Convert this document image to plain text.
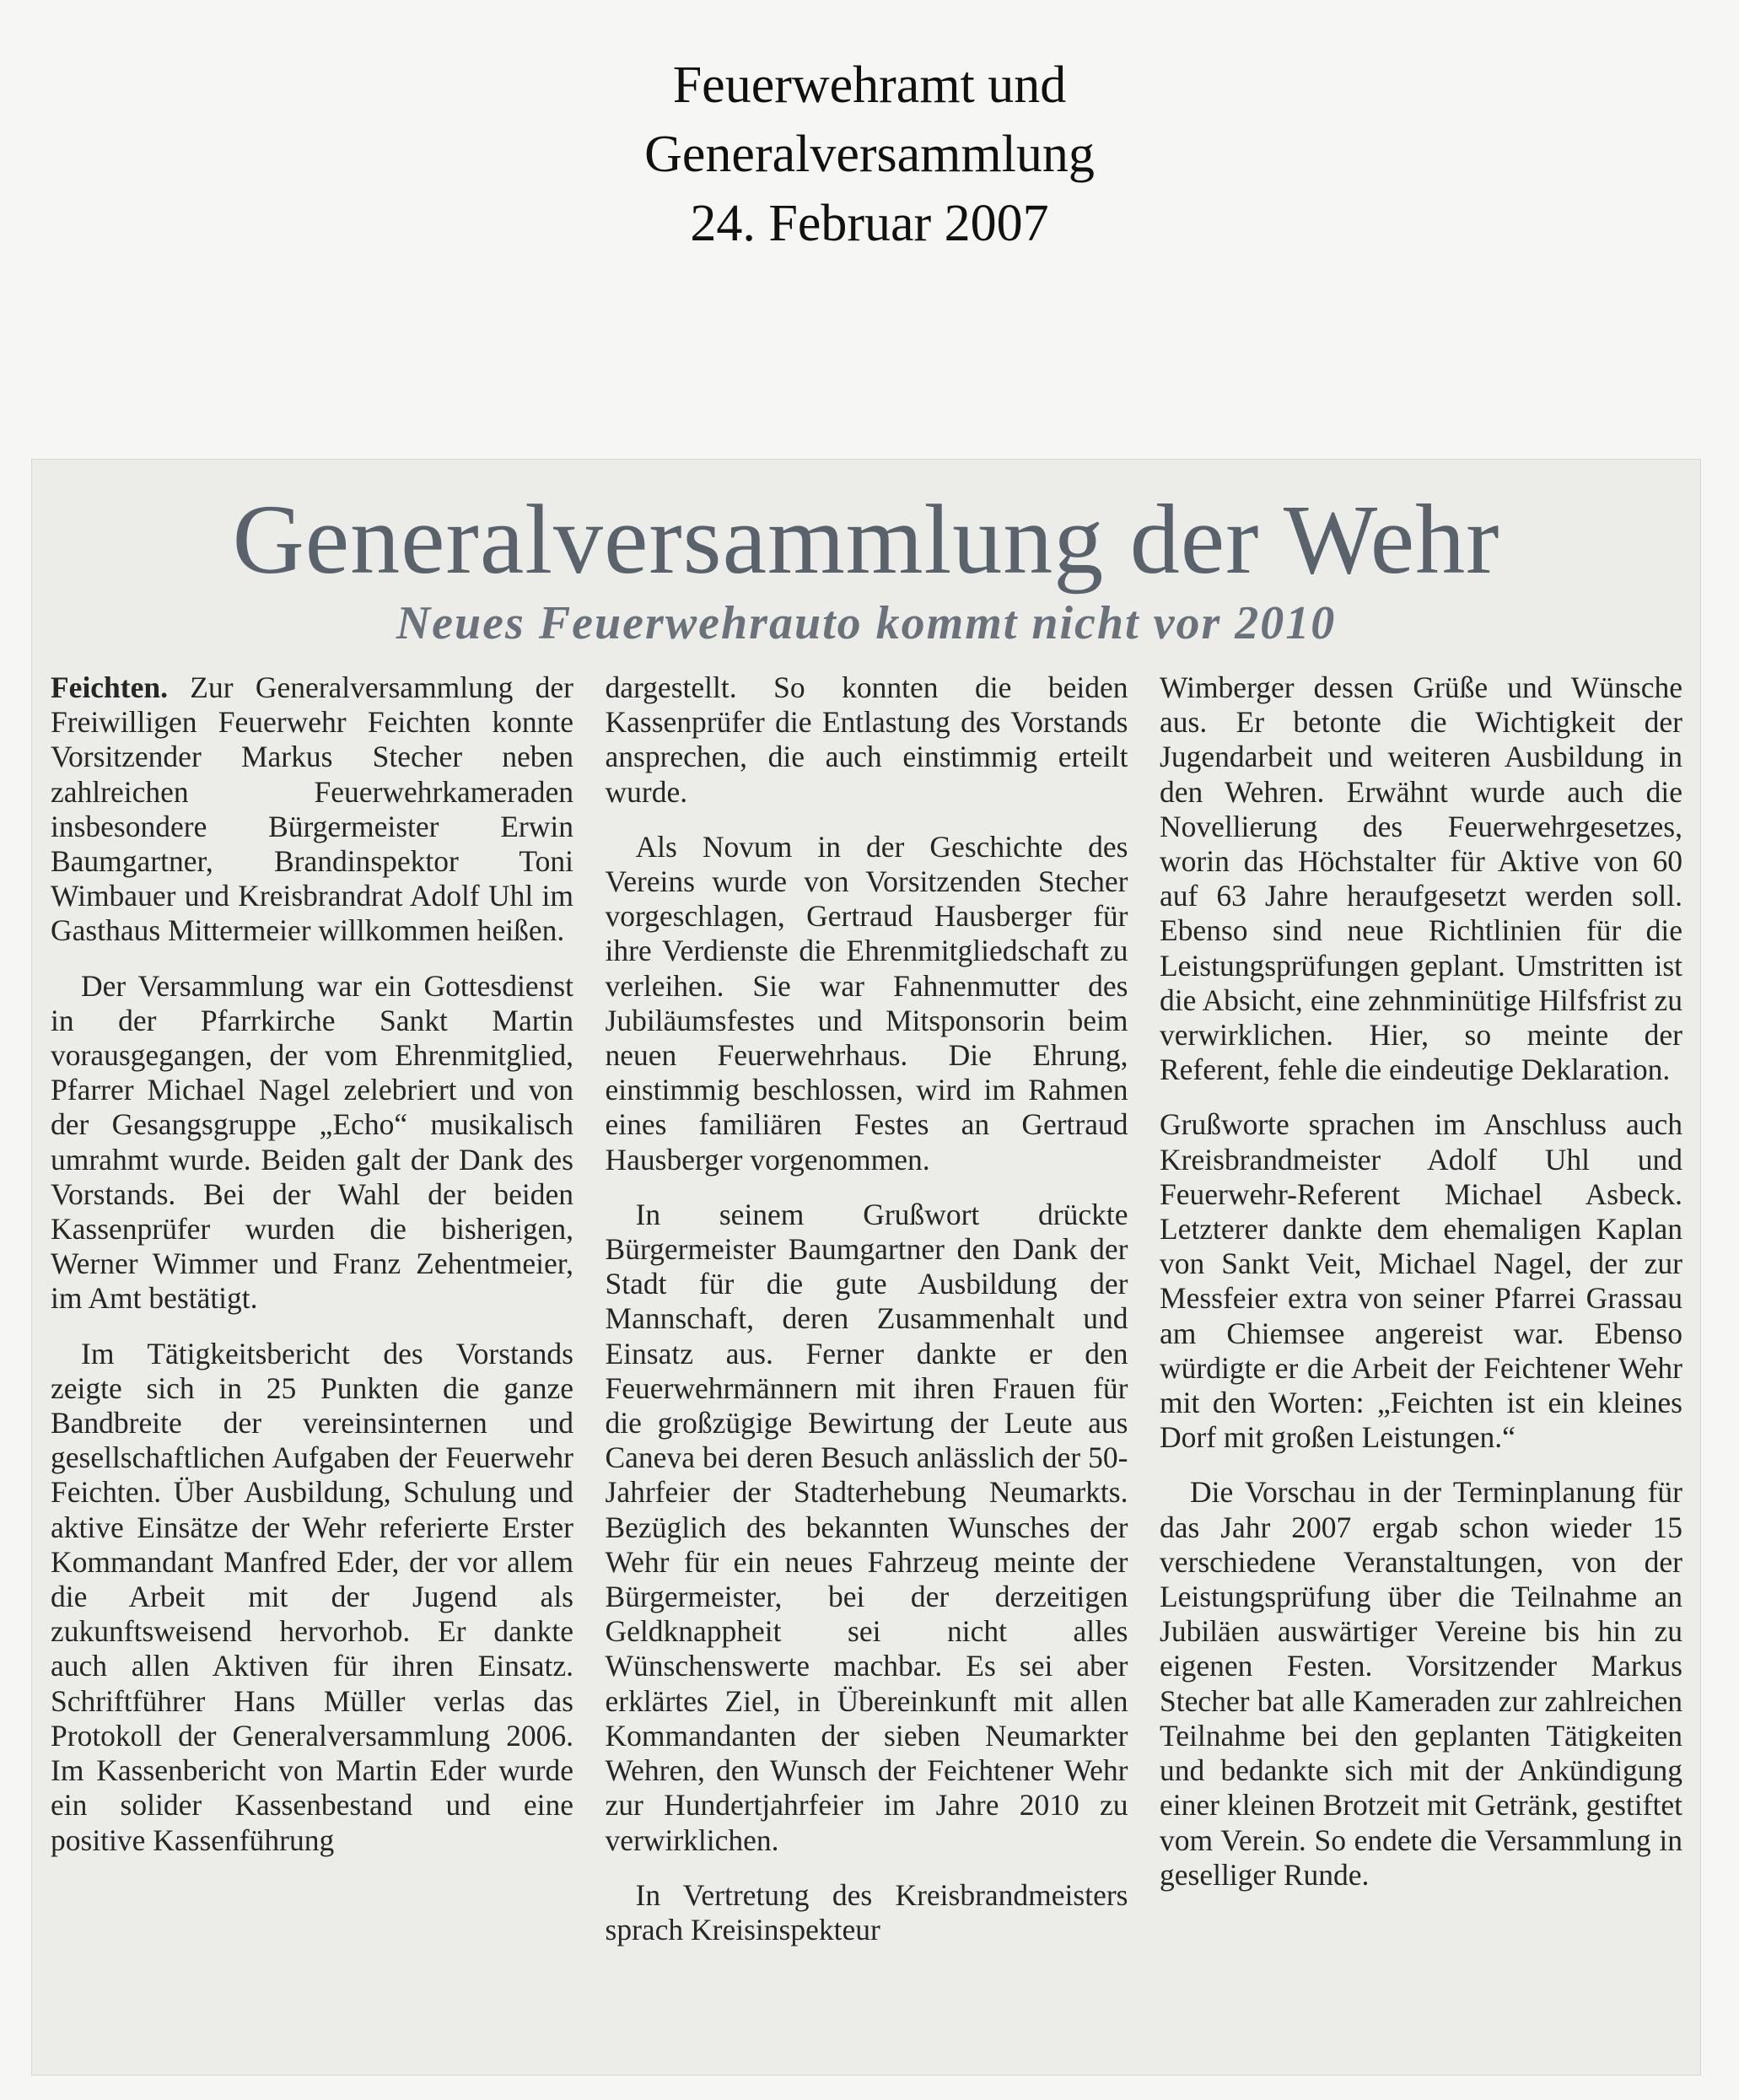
Feuerwehramt und
Generalversammlung
24. Februar 2007
Generalversammlung der Wehr
Neues Feuerwehrauto kommt nicht vor 2010

Feichten. Zur Generalversammlung der Freiwilligen Feuerwehr Feichten konnte Vorsitzender Markus Stecher neben zahlreichen Feuerwehrkameraden insbesondere Bürgermeister Erwin Baumgartner, Brandinspektor Toni Wimbauer und Kreisbrandrat Adolf Uhl im Gasthaus Mittermeier willkommen heißen.

Der Versammlung war ein Gottesdienst in der Pfarrkirche Sankt Martin vorausgegangen, der vom Ehrenmitglied, Pfarrer Michael Nagel zelebriert und von der Gesangsgruppe „Echo“ musikalisch umrahmt wurde. Beiden galt der Dank des Vorstands. Bei der Wahl der beiden Kassenprüfer wurden die bisherigen, Werner Wimmer und Franz Zehentmeier, im Amt bestätigt.

Im Tätigkeitsbericht des Vorstands zeigte sich in 25 Punkten die ganze Bandbreite der vereinsinternen und gesellschaftlichen Aufgaben der Feuerwehr Feichten. Über Ausbildung, Schulung und aktive Einsätze der Wehr referierte Erster Kommandant Manfred Eder, der vor allem die Arbeit mit der Jugend als zukunftsweisend hervorhob. Er dankte auch allen Aktiven für ihren Einsatz. Schriftführer Hans Müller verlas das Protokoll der Generalversammlung 2006. Im Kassenbericht von Martin Eder wurde ein solider Kassenbestand und eine positive Kassenführung

dargestellt. So konnten die beiden Kassenprüfer die Entlastung des Vorstands ansprechen, die auch einstimmig erteilt wurde.

Als Novum in der Geschichte des Vereins wurde von Vorsitzenden Stecher vorgeschlagen, Gertraud Hausberger für ihre Verdienste die Ehrenmitgliedschaft zu verleihen. Sie war Fahnenmutter des Jubiläumsfestes und Mitsponsorin beim neuen Feuerwehrhaus. Die Ehrung, einstimmig beschlossen, wird im Rahmen eines familiären Festes an Gertraud Hausberger vorgenommen.

In seinem Grußwort drückte Bürgermeister Baumgartner den Dank der Stadt für die gute Ausbildung der Mannschaft, deren Zusammenhalt und Einsatz aus. Ferner dankte er den Feuerwehrmännern mit ihren Frauen für die großzügige Bewirtung der Leute aus Caneva bei deren Besuch anlässlich der 50-Jahrfeier der Stadterhebung Neumarkts. Bezüglich des bekannten Wunsches der Wehr für ein neues Fahrzeug meinte der Bürgermeister, bei der derzeitigen Geldknappheit sei nicht alles Wünschenswerte machbar. Es sei aber erklärtes Ziel, in Übereinkunft mit allen Kommandanten der sieben Neumarkter Wehren, den Wunsch der Feichtener Wehr zur Hundertjahrfeier im Jahre 2010 zu verwirklichen.

In Vertretung des Kreisbrandmeisters sprach Kreisinspekteur

Wimberger dessen Grüße und Wünsche aus. Er betonte die Wichtigkeit der Jugendarbeit und weiteren Ausbildung in den Wehren. Erwähnt wurde auch die Novellierung des Feuerwehrgesetzes, worin das Höchstalter für Aktive von 60 auf 63 Jahre heraufgesetzt werden soll. Ebenso sind neue Richtlinien für die Leistungsprüfungen geplant. Umstritten ist die Absicht, eine zehnminütige Hilfsfrist zu verwirklichen. Hier, so meinte der Referent, fehle die eindeutige Deklaration.

Grußworte sprachen im Anschluss auch Kreisbrandmeister Adolf Uhl und Feuerwehr-Referent Michael Asbeck. Letzterer dankte dem ehemaligen Kaplan von Sankt Veit, Michael Nagel, der zur Messfeier extra von seiner Pfarrei Grassau am Chiemsee angereist war. Ebenso würdigte er die Arbeit der Feichtener Wehr mit den Worten: „Feichten ist ein kleines Dorf mit großen Leistungen.“

Die Vorschau in der Terminplanung für das Jahr 2007 ergab schon wieder 15 verschiedene Veranstaltungen, von der Leistungsprüfung über die Teilnahme an Jubiläen auswärtiger Vereine bis hin zu eigenen Festen. Vorsitzender Markus Stecher bat alle Kameraden zur zahlreichen Teilnahme bei den geplanten Tätigkeiten und bedankte sich mit der Ankündigung einer kleinen Brotzeit mit Getränk, gestiftet vom Verein. So endete die Versammlung in geselliger Runde.
